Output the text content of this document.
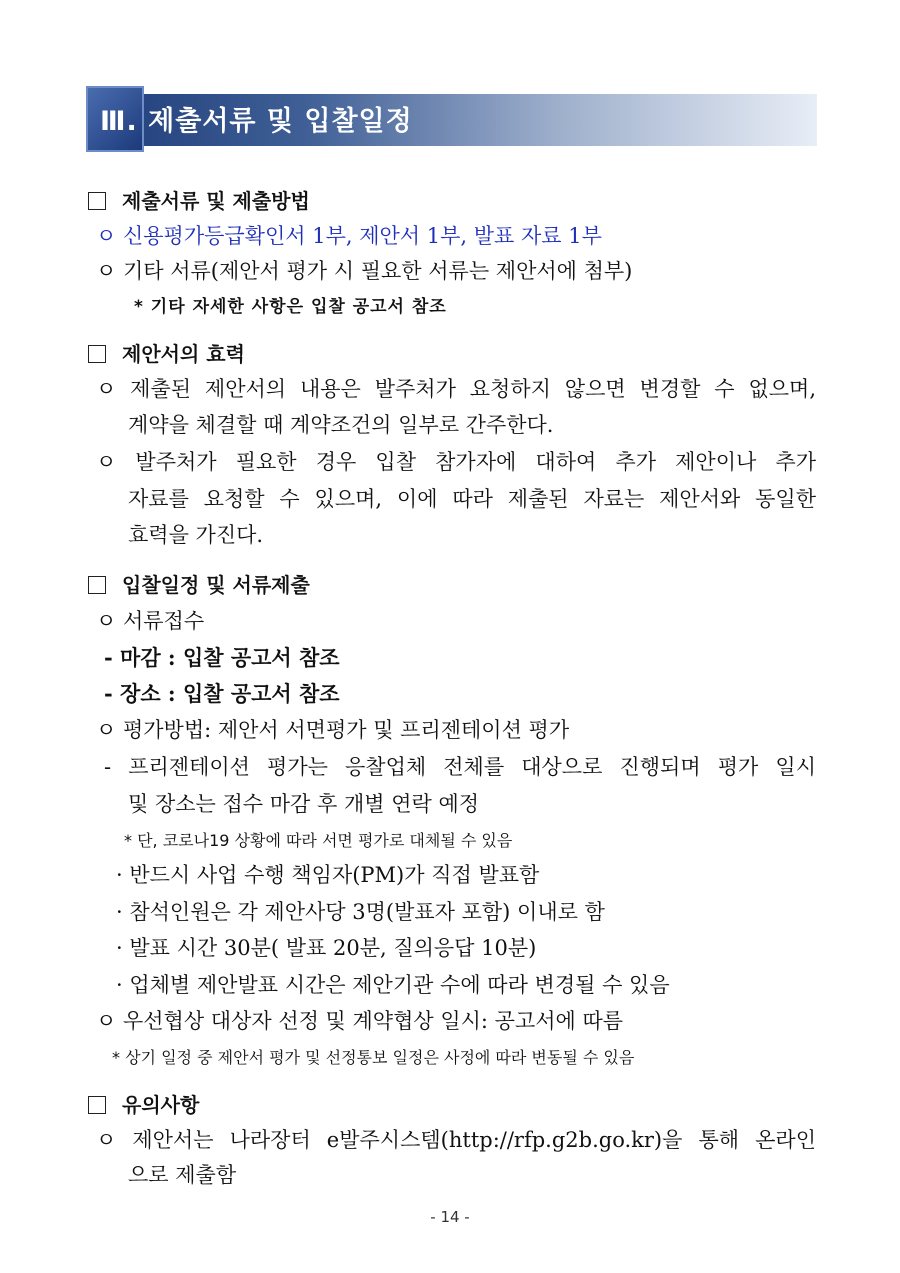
Ⅲ. 제출서류 및 입찰일정
제출서류 및 제출방법
ㅇ 신용평가등급확인서 1부, 제안서 1부, 발표 자료 1부
ㅇ 기타 서류(제안서 평가 시 필요한 서류는 제안서에 첨부)
* 기타 자세한 사항은 입찰 공고서 참조
제안서의 효력
ㅇ 제출된 제안서의 내용은 발주처가 요청하지 않으면 변경할 수 없으며,
계약을 체결할 때 계약조건의 일부로 간주한다.
ㅇ 발주처가 필요한 경우 입찰 참가자에 대하여 추가 제안이나 추가
자료를 요청할 수 있으며, 이에 따라 제출된 자료는 제안서와 동일한
효력을 가진다.
입찰일정 및 서류제출
ㅇ 서류접수
- 마감 : 입찰 공고서 참조
- 장소 : 입찰 공고서 참조
ㅇ 평가방법: 제안서 서면평가 및 프리젠테이션 평가
- 프리젠테이션 평가는 응찰업체 전체를 대상으로 진행되며 평가 일시
및 장소는 접수 마감 후 개별 연락 예정
* 단, 코로나19 상황에 따라 서면 평가로 대체될 수 있음
· 반드시 사업 수행 책임자(PM)가 직접 발표함
· 참석인원은 각 제안사당 3명(발표자 포함) 이내로 함
· 발표 시간 30분( 발표 20분, 질의응답 10분)
· 업체별 제안발표 시간은 제안기관 수에 따라 변경될 수 있음
ㅇ 우선협상 대상자 선정 및 계약협상 일시: 공고서에 따름
* 상기 일정 중 제안서 평가 및 선정통보 일정은 사정에 따라 변동될 수 있음
유의사항
ㅇ 제안서는 나라장터 e발주시스템(http://rfp.g2b.go.kr)을 통해 온라인
으로 제출함
- 14 -
